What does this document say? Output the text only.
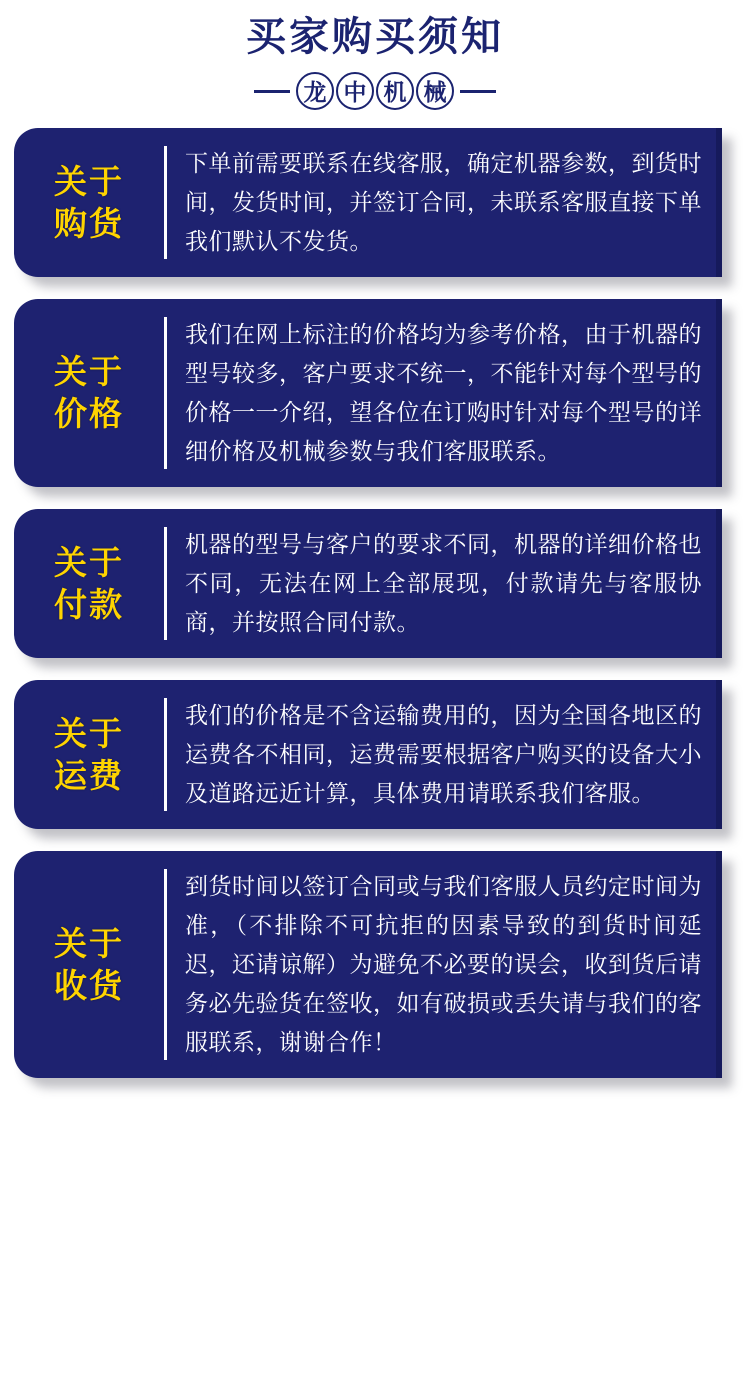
买家购买须知
龙 中 机 械
关于
购货
下单前需要联系在线客服，确定机器参数，到货时间，发货时间，并签订合同，未联系客服直接下单我们默认不发货。
关于
价格
我们在网上标注的价格均为参考价格，由于机器的型号较多，客户要求不统一，不能针对每个型号的价格一一介绍，望各位在订购时针对每个型号的详细价格及机械参数与我们客服联系。
关于
付款
机器的型号与客户的要求不同，机器的详细价格也不同，无法在网上全部展现，付款请先与客服协商，并按照合同付款。
关于
运费
我们的价格是不含运输费用的，因为全国各地区的运费各不相同，运费需要根据客户购买的设备大小及道路远近计算，具体费用请联系我们客服。
关于
收货
到货时间以签订合同或与我们客服人员约定时间为准，（不排除不可抗拒的因素导致的到货时间延迟，还请谅解）为避免不必要的误会，收到货后请务必先验货在签收，如有破损或丢失请与我们的客服联系，谢谢合作！
